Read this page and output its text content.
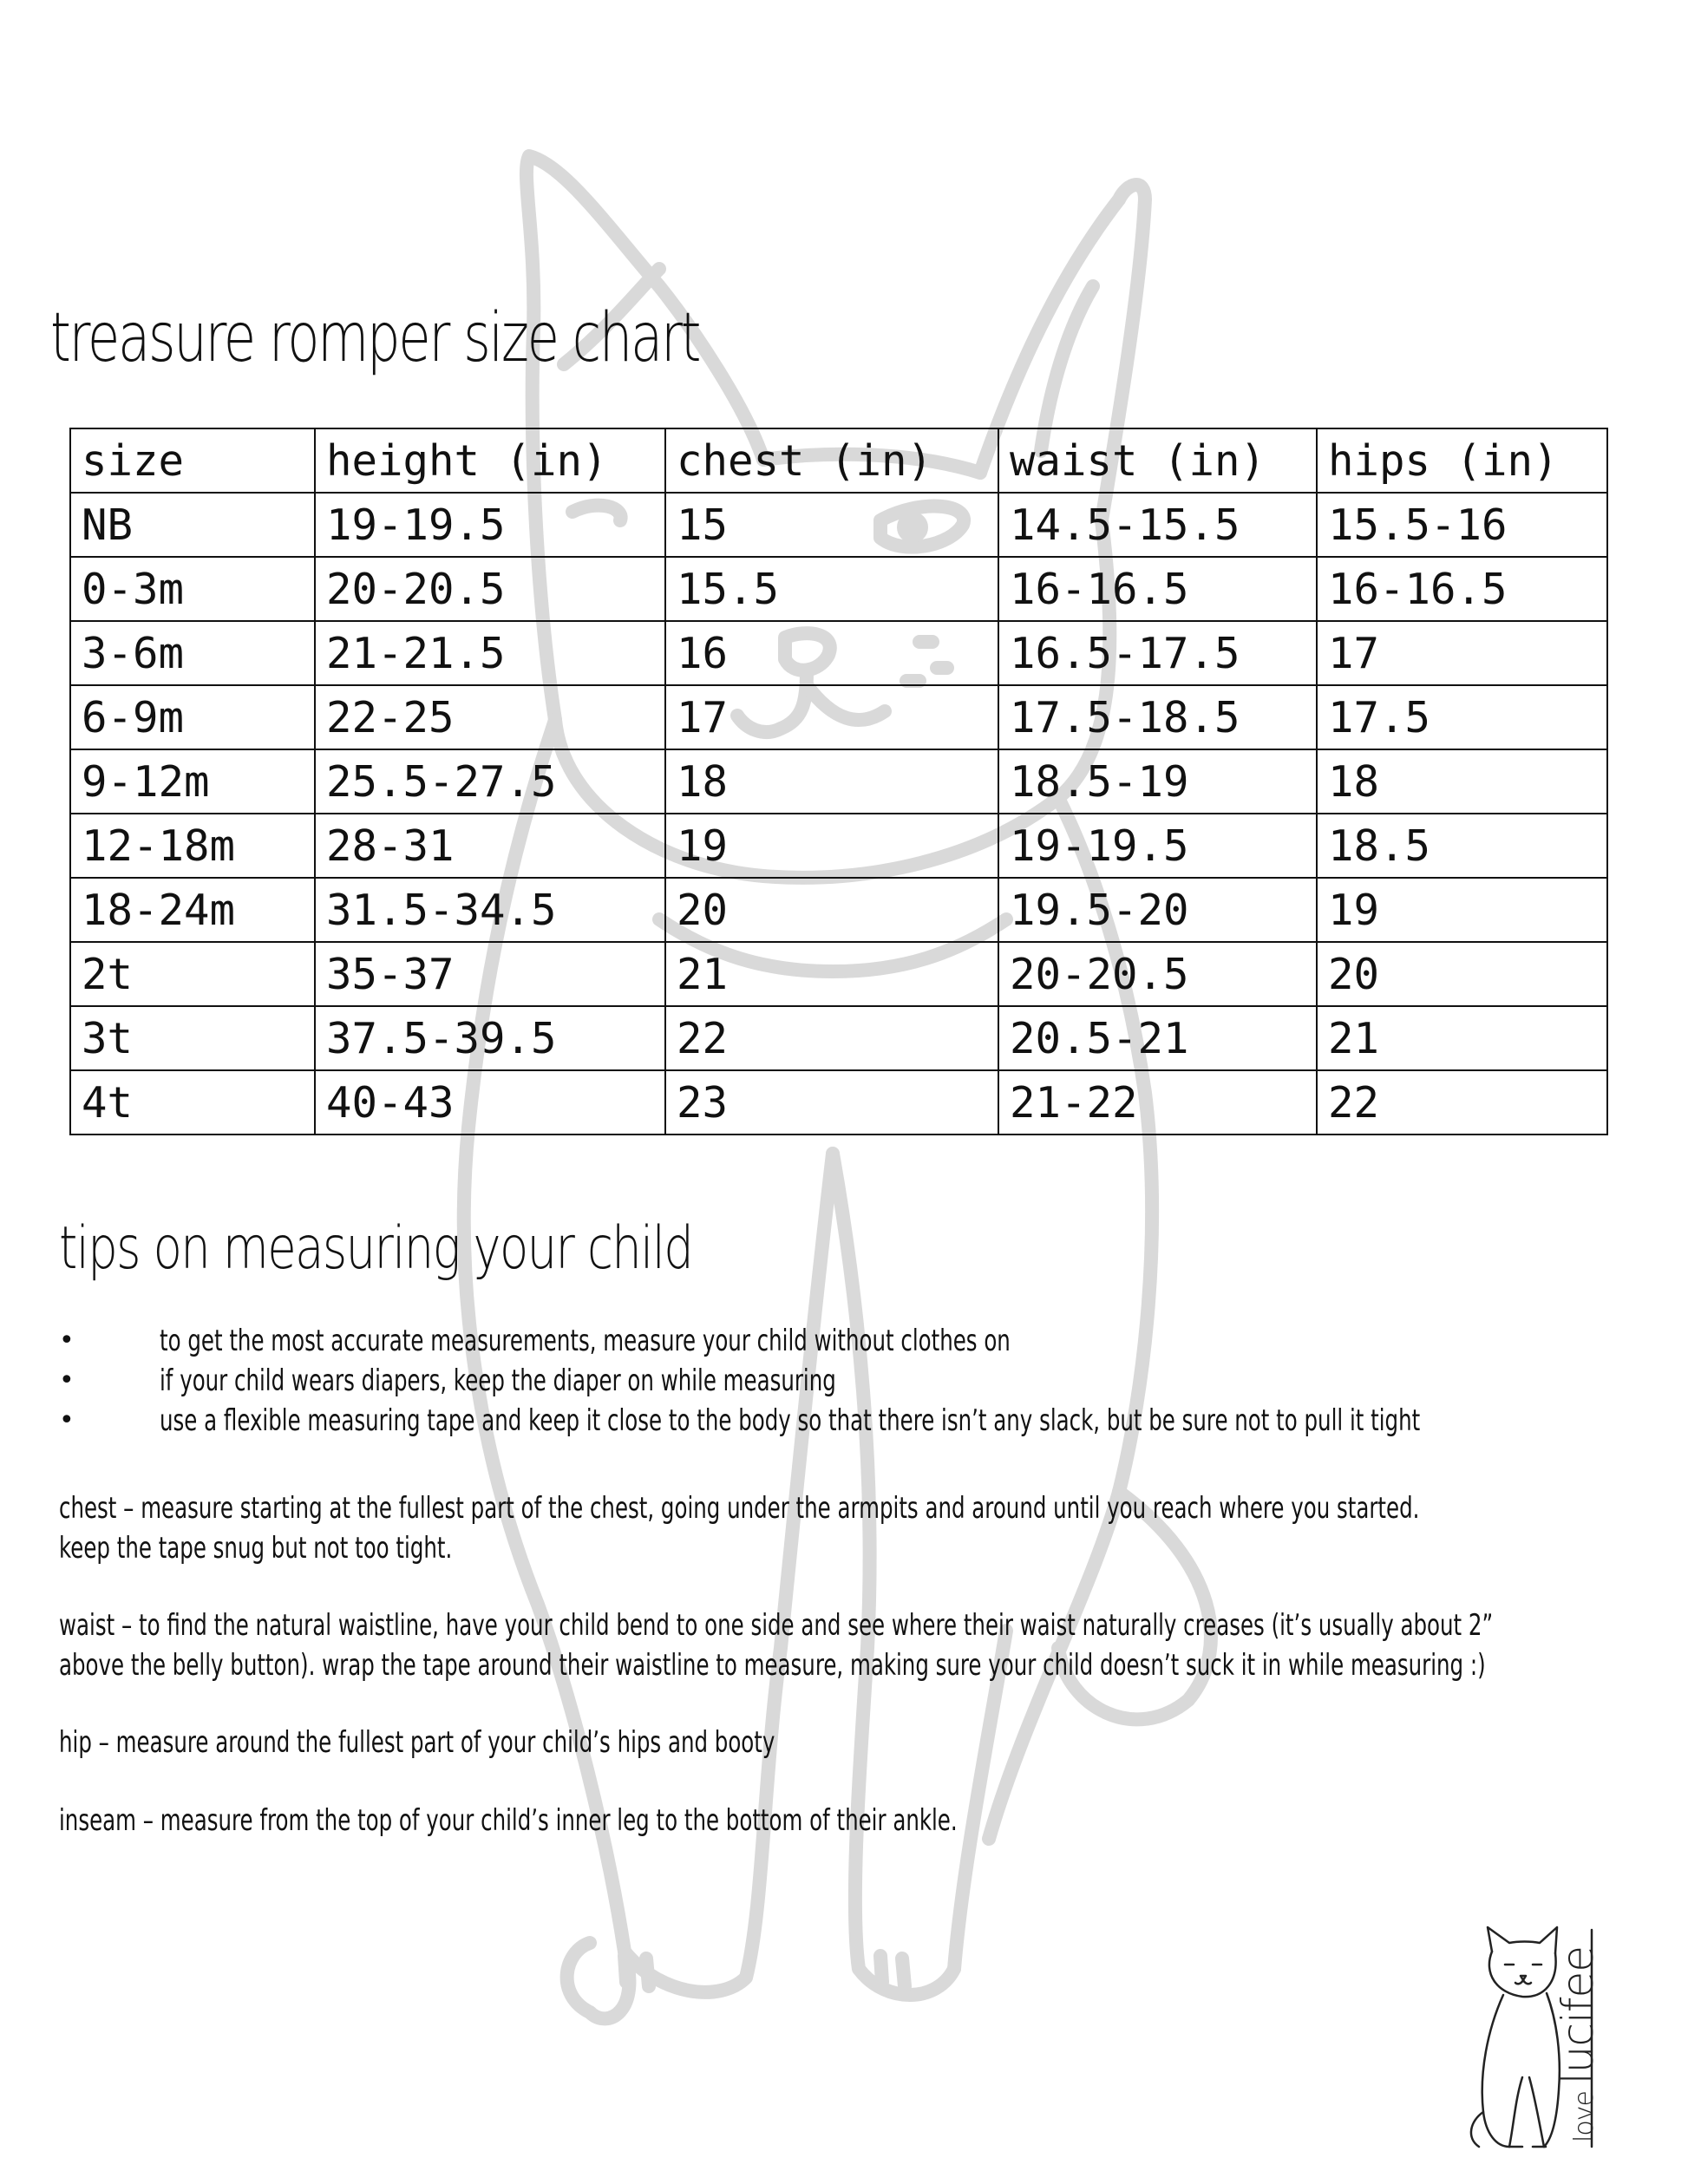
treasure romper size chart
size	height (in)	chest (in)	waist (in)	hips (in)
NB	19-19.5	15	14.5-15.5	15.5-16
0-3m	20-20.5	15.5	16-16.5	16-16.5
3-6m	21-21.5	16	16.5-17.5	17
6-9m	22-25	17	17.5-18.5	17.5
9-12m	25.5-27.5	18	18.5-19	18
12-18m	28-31	19	19-19.5	18.5
18-24m	31.5-34.5	20	19.5-20	19
2t	35-37	21	20-20.5	20
3t	37.5-39.5	22	20.5-21	21
4t	40-43	23	21-22	22
tips on measuring your child
•	to get the most accurate measurements, measure your child without clothes on
•	if your child wears diapers, keep the diaper on while measuring
•	use a flexible measuring tape and keep it close to the body so that there isn’t any slack, but be sure not to pull it tight

chest – measure starting at the fullest part of the chest, going under the armpits and around until you reach where you started.
keep the tape snug but not too tight.

waist – to find the natural waistline, have your child bend to one side and see where their waist naturally creases (it’s usually about 2”
above the belly button). wrap the tape around their waistline to measure, making sure your child doesn’t suck it in while measuring :)

hip – measure around the fullest part of your child’s hips and booty

inseam – measure from the top of your child’s inner leg to the bottom of their ankle.

lovelucifee
